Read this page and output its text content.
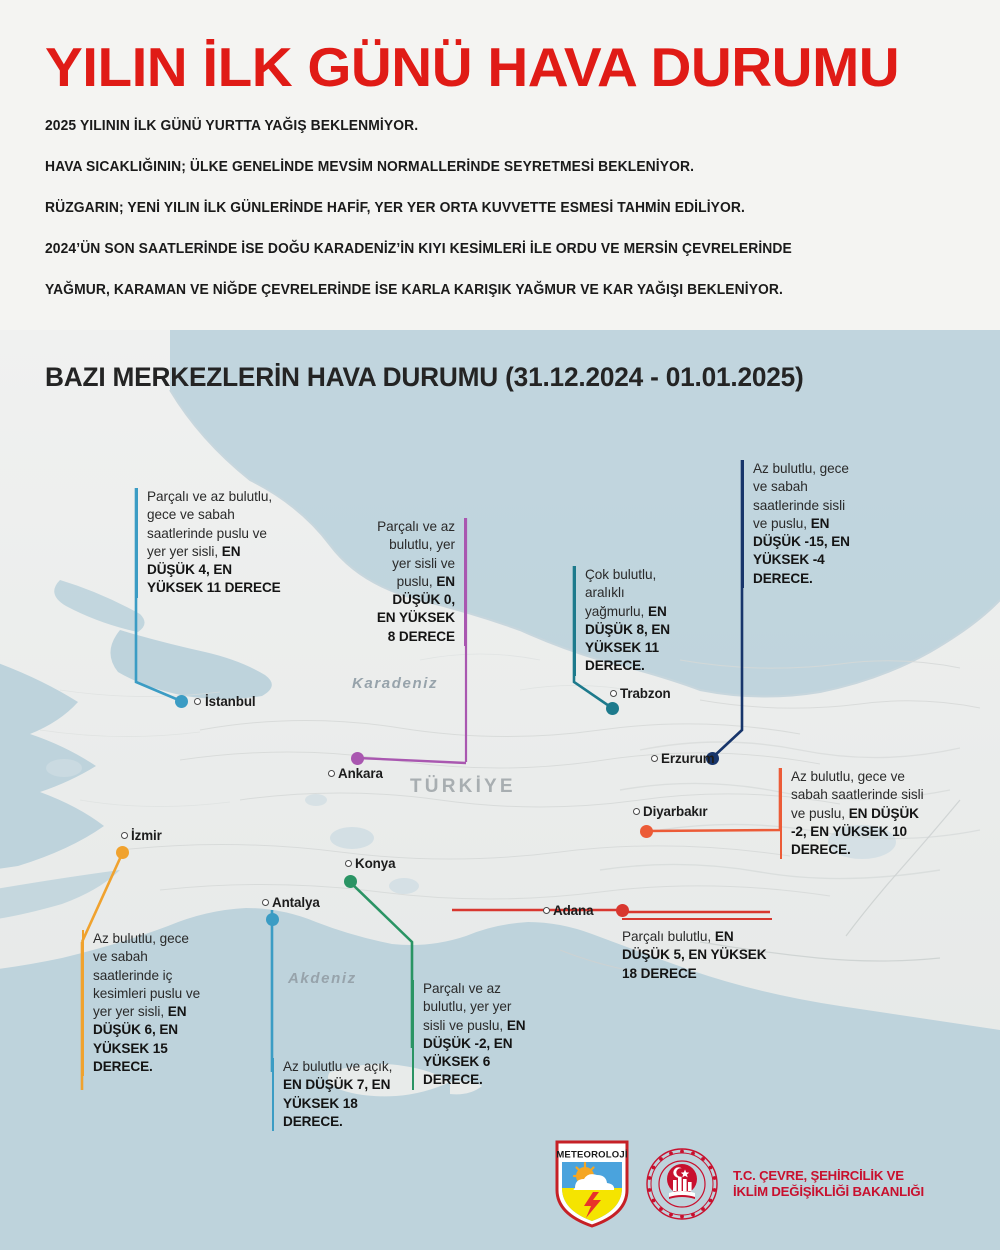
Karadeniz
Akdeniz
TÜRKİYE
YILIN İLK GÜNÜ HAVA DURUMU

2025 YILININ İLK GÜNÜ YURTTA YAĞIŞ BEKLENMİYOR.

HAVA SICAKLIĞININ; ÜLKE GENELİNDE MEVSİM NORMALLERİNDE SEYRETMESİ BEKLENİYOR.

RÜZGARIN; YENİ YILIN İLK GÜNLERİNDE HAFİF, YER YER ORTA KUVVETTE ESMESİ TAHMİN EDİLİYOR.

2024’ÜN SON SAATLERİNDE İSE DOĞU KARADENİZ’İN KIYI KESİMLERİ İLE ORDU VE MERSİN ÇEVRELERİNDE

YAĞMUR, KARAMAN VE NİĞDE ÇEVRELERİNDE İSE KARLA KARIŞIK YAĞMUR VE KAR YAĞIŞI BEKLENİYOR.

BAZI MERKEZLERİN HAVA DURUMU (31.12.2024 - 01.01.2025)
Parçalı ve az bulutlu, gece ve sabah saatlerinde puslu ve yer yer sisli, EN DÜŞÜK 4, EN YÜKSEK 11 DERECE
Parçalı ve az bulutlu, yer yer sisli ve puslu, EN DÜŞÜK 0, EN YÜKSEK 8 DERECE
Çok bulutlu, aralıklı yağmurlu, EN DÜŞÜK 8, EN YÜKSEK 11 DERECE.
Az bulutlu, gece ve sabah saatlerinde sisli ve puslu, EN DÜŞÜK -15, EN YÜKSEK -4 DERECE.
Az bulutlu, gece ve sabah saatlerinde sisli ve puslu, EN DÜŞÜK -2, EN YÜKSEK 10 DERECE.
Parçalı bulutlu, EN DÜŞÜK 5, EN YÜKSEK 18 DERECE
Az bulutlu, gece ve sabah saatlerinde iç kesimleri puslu ve yer yer sisli, EN DÜŞÜK 6, EN YÜKSEK 15 DERECE.	Az bulutlu ve açık, EN DÜŞÜK 7, EN YÜKSEK 18 DERECE.
Parçalı ve az bulutlu, yer yer sisli ve puslu, EN DÜŞÜK -2, EN YÜKSEK 6 DERECE.
İstanbul
Ankara
Trabzon
Erzurum
Diyarbakır
Adana
İzmir
Antalya
Konya
METEOROLOJİ
T.C. ÇEVRE, ŞEHİRCİLİK VE
İKLİM DEĞİŞİKLİĞİ BAKANLIĞI
